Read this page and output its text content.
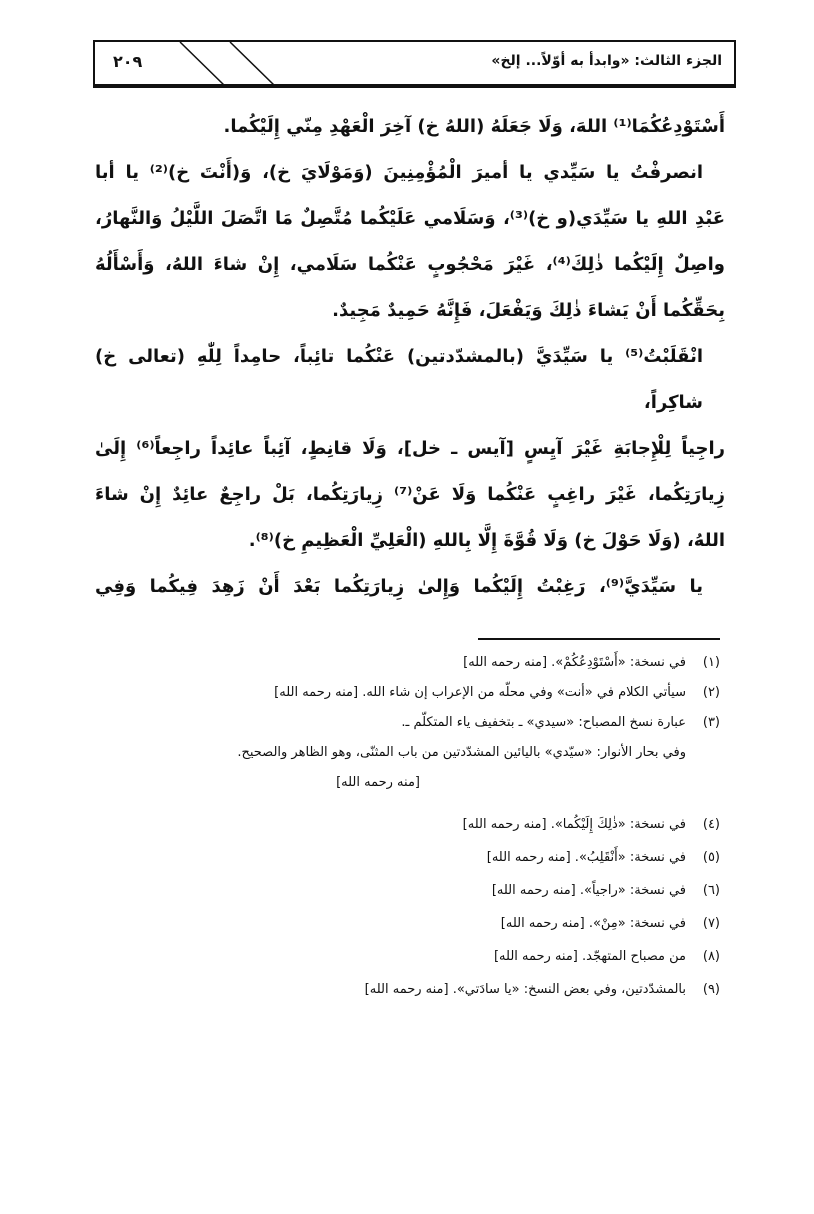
الجزء الثالث: «وابدأ به أوّلاً... إلخ»
٢٠٩
أَسْتَوْدِعُكُمَا⁽¹⁾ اللهَ، وَلَا جَعَلَهُ (اللهُ خ) آخِرَ الْعَهْدِ مِنّي إِلَيْكُما.
انصرفْتُ يا سَيِّدي يا أميرَ الْمُؤْمِنِينَ (وَمَوْلَايَ خ)، وَ(أَنْتَ خ)⁽²⁾ يا أبا
عَبْدِ اللهِ يا سَيِّدَي(و خ)⁽³⁾، وَسَلَامي عَلَيْكُما مُتَّصِلٌ مَا اتَّصَلَ اللَّيْلُ وَالنَّهارُ،
واصِلٌ إِلَيْكُما ذٰلِكَ⁽⁴⁾، غَيْرَ مَحْجُوبٍ عَنْكُما سَلَامي، إِنْ شاءَ اللهُ، وَأَسْأَلُهُ
بِحَقِّكُما أَنْ يَشاءَ ذٰلِكَ وَيَفْعَلَ، فَإِنَّهُ حَمِيدٌ مَجِيدٌ.
انْقَلَبْتُ⁽⁵⁾ يا سَيِّدَيَّ (بالمشدّدتين) عَنْكُما تائِباً، حامِداً لِلّٰهِ (تعالى خ) شاكِراً،
راجِياً لِلْإِجابَةِ غَيْرَ آيِسٍ [آيس ـ خل]، وَلَا قانِطٍ، آئِباً عائِداً راجِعاً⁽⁶⁾ إِلَىٰ
زِيارَتِكُما، غَيْرَ راغِبٍ عَنْكُما وَلَا عَنْ⁽⁷⁾ زِيارَتِكُما، بَلْ راجِعٌ عائِدٌ إِنْ شاءَ
اللهُ، (وَلَا حَوْلَ خ) وَلَا قُوَّةَ إِلَّا بِاللهِ (الْعَلِيِّ الْعَظِيمِ خ)⁽⁸⁾.
يا سَيِّدَيَّ⁽⁹⁾، رَغِبْتُ إِلَيْكُما وَإِلىٰ زِيارَتِكُما بَعْدَ أَنْ زَهِدَ فِيكُما وَفِي
(١)في نسخة: «أَسْتَوْدِعُكُمْ». [منه رحمه الله]
(٢)سيأتي الكلام في «أنت» وفي محلّه من الإعراب إن شاء الله. [منه رحمه الله]
(٣)عبارة نسخ المصباح: «سيدي» ـ بتخفيف ياء المتكلّم ـ.
وفي بحار الأنوار: «سيّدي» باليائين المشدّدتين من باب المثنّى، وهو الظاهر والصحيح.
[منه رحمه الله]
(٤)في نسخة: «ذٰلِكَ إِلَيْكُما». [منه رحمه الله]
(٥)في نسخة: «أَنْقَلِبُ». [منه رحمه الله]
(٦)في نسخة: «راجياً». [منه رحمه الله]
(٧)في نسخة: «مِنْ». [منه رحمه الله]
(٨)من مصباح المتهجّد. [منه رحمه الله]
(٩)بالمشدّدتين، وفي بعض النسخ: «يا سادَتي». [منه رحمه الله]
